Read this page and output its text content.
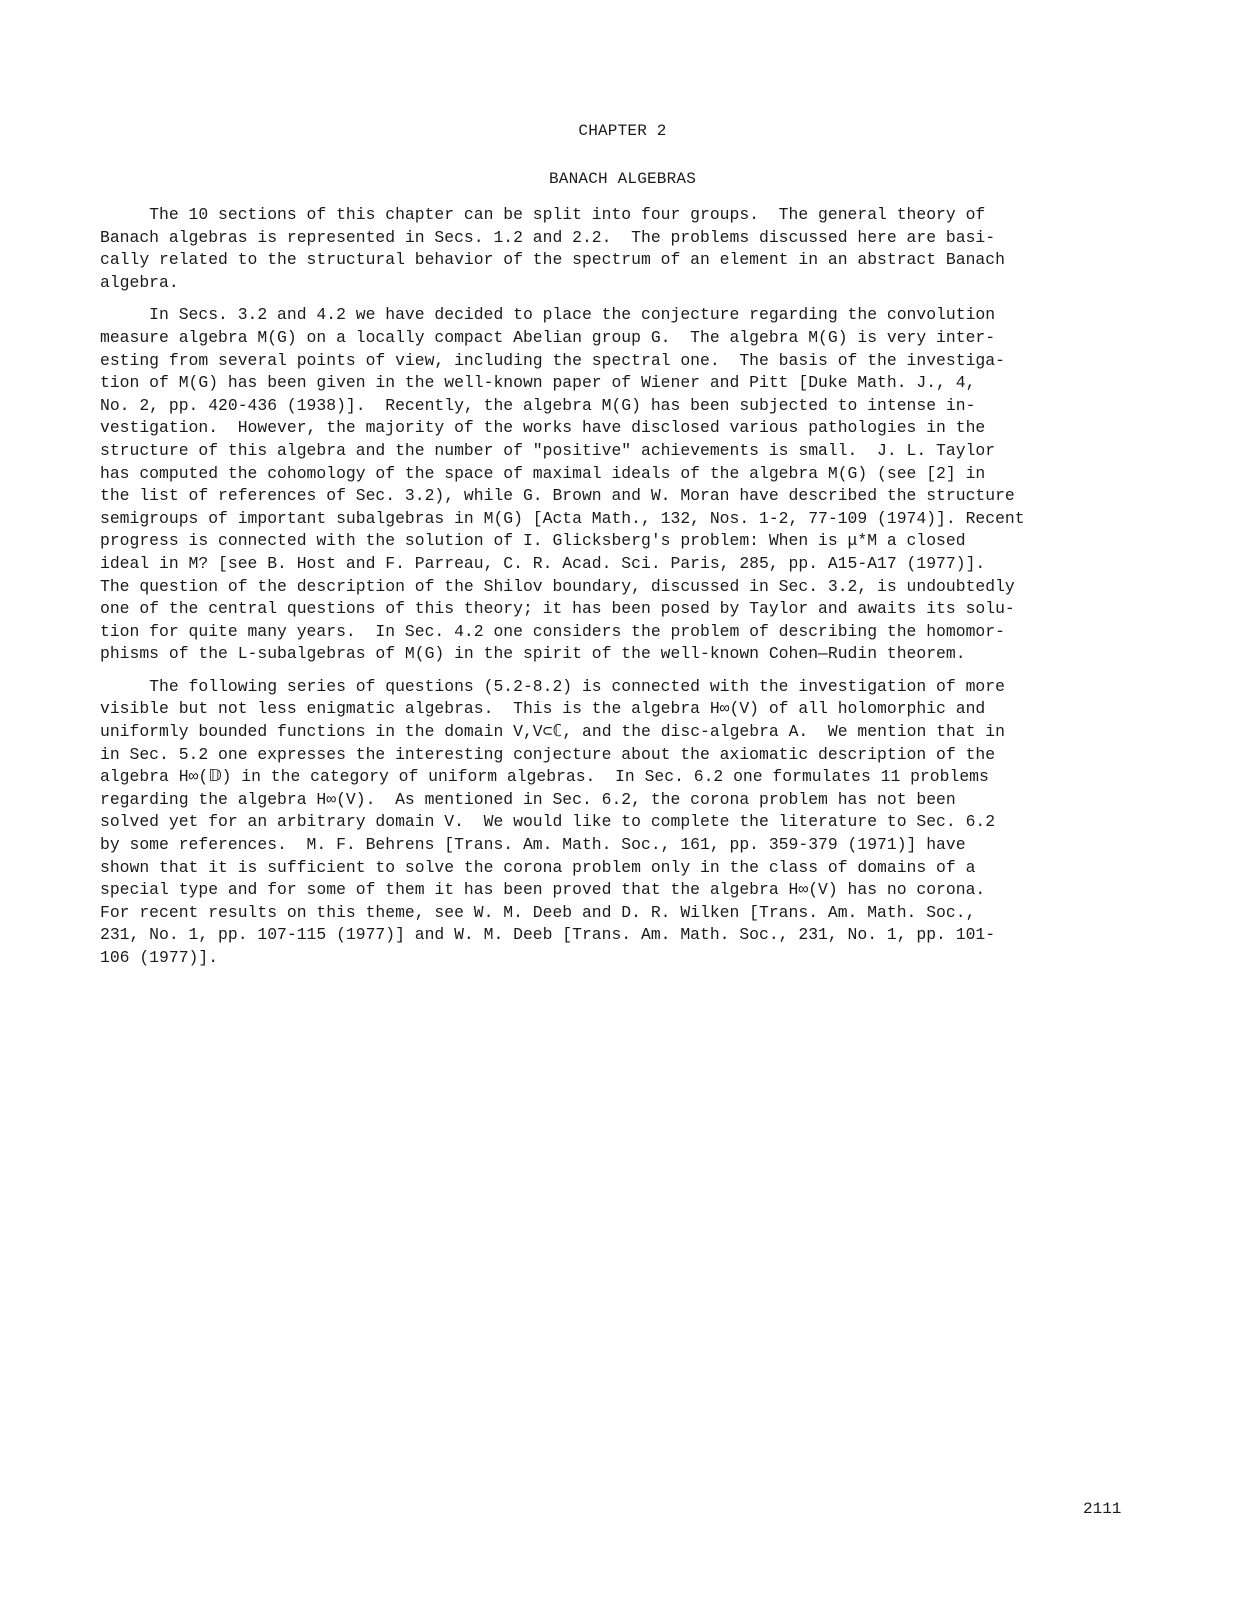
CHAPTER 2
BANACH ALGEBRAS
The 10 sections of this chapter can be split into four groups.  The general theory of
Banach algebras is represented in Secs. 1.2 and 2.2.  The problems discussed here are basi-
cally related to the structural behavior of the spectrum of an element in an abstract Banach
algebra.
In Secs. 3.2 and 4.2 we have decided to place the conjecture regarding the convolution
measure algebra M(G) on a locally compact Abelian group G.  The algebra M(G) is very inter-
esting from several points of view, including the spectral one.  The basis of the investiga-
tion of M(G) has been given in the well-known paper of Wiener and Pitt [Duke Math. J., 4,
No. 2, pp. 420-436 (1938)].  Recently, the algebra M(G) has been subjected to intense in-
vestigation.  However, the majority of the works have disclosed various pathologies in the
structure of this algebra and the number of "positive" achievements is small.  J. L. Taylor
has computed the cohomology of the space of maximal ideals of the algebra M(G) (see [2] in
the list of references of Sec. 3.2), while G. Brown and W. Moran have described the structure
semigroups of important subalgebras in M(G) [Acta Math., 132, Nos. 1-2, 77-109 (1974)]. Recent
progress is connected with the solution of I. Glicksberg's problem: When is μ*M a closed
ideal in M? [see B. Host and F. Parreau, C. R. Acad. Sci. Paris, 285, pp. A15-A17 (1977)].
The question of the description of the Shilov boundary, discussed in Sec. 3.2, is undoubtedly
one of the central questions of this theory; it has been posed by Taylor and awaits its solu-
tion for quite many years.  In Sec. 4.2 one considers the problem of describing the homomor-
phisms of the L-subalgebras of M(G) in the spirit of the well-known Cohen—Rudin theorem.
The following series of questions (5.2-8.2) is connected with the investigation of more
visible but not less enigmatic algebras.  This is the algebra H∞(V) of all holomorphic and
uniformly bounded functions in the domain V,V⊂ℂ, and the disc-algebra A.  We mention that in
in Sec. 5.2 one expresses the interesting conjecture about the axiomatic description of the
algebra H∞(𝔻) in the category of uniform algebras.  In Sec. 6.2 one formulates 11 problems
regarding the algebra H∞(V).  As mentioned in Sec. 6.2, the corona problem has not been
solved yet for an arbitrary domain V.  We would like to complete the literature to Sec. 6.2
by some references.  M. F. Behrens [Trans. Am. Math. Soc., 161, pp. 359-379 (1971)] have
shown that it is sufficient to solve the corona problem only in the class of domains of a
special type and for some of them it has been proved that the algebra H∞(V) has no corona.
For recent results on this theme, see W. M. Deeb and D. R. Wilken [Trans. Am. Math. Soc.,
231, No. 1, pp. 107-115 (1977)] and W. M. Deeb [Trans. Am. Math. Soc., 231, No. 1, pp. 101-
106 (1977)].
2111
